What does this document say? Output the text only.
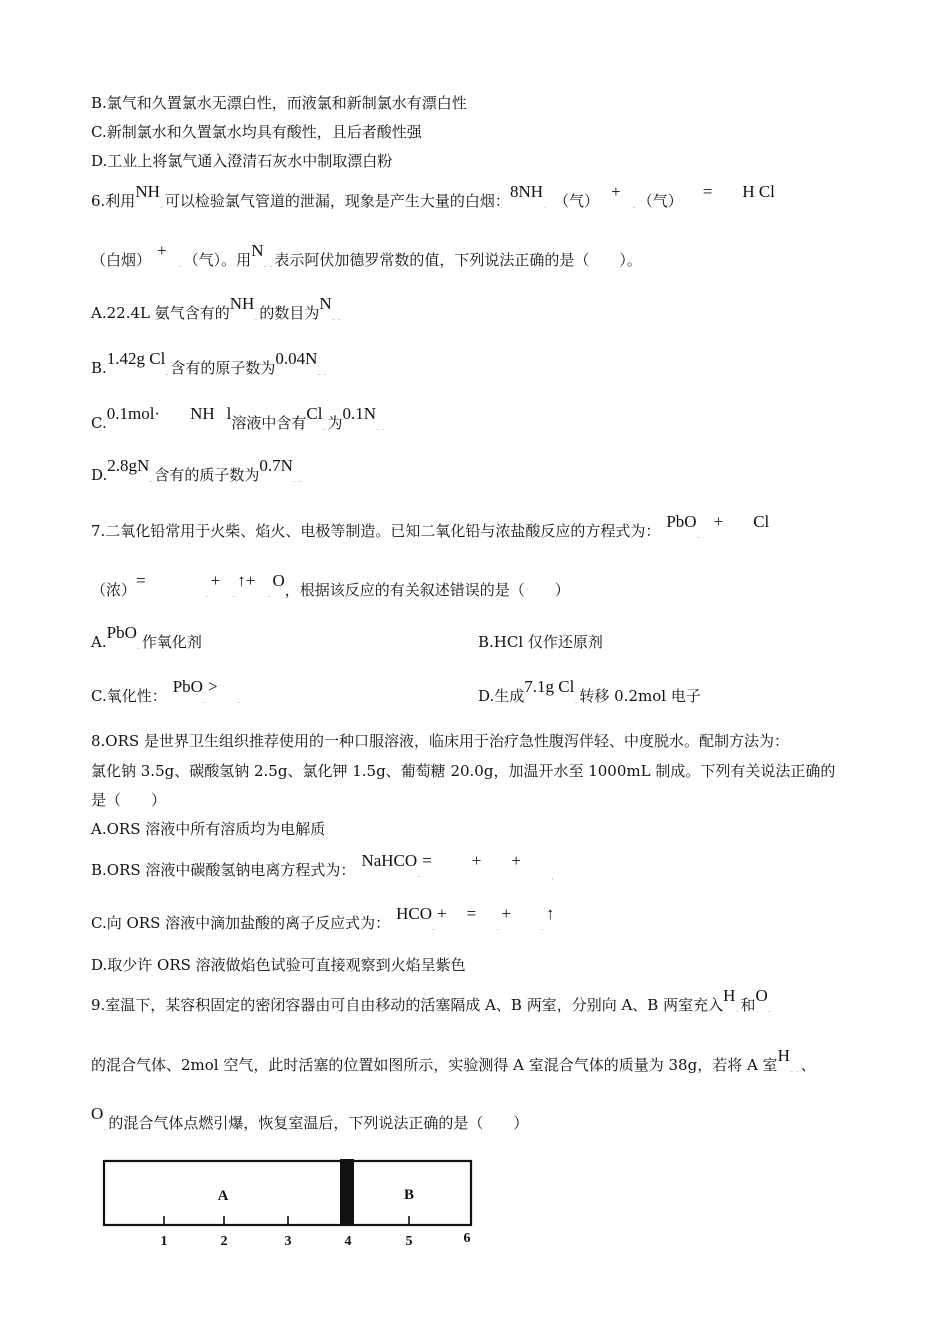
B.氯气和久置氯水无漂白性，而液氯和新制氯水有漂白性
C.新制氯水和久置氯水均具有酸性，且后者酸性强
D.工业上将氯气通入澄清石灰水中制取漂白粉
6.利用$NH_-$ 可以检验氯气管道的泄漏，现象是产生大量的白烟：$8NH_-$ （气） $+_-$ （气） = H Cl
（白烟） $+_-$ （气）。用$N_{- -}$ 表示阿伏加德罗常数的值，下列说法正确的是（　　）。
A.22.4L 氨气含有的$NH_-$ 的数目为$N_{- -}$
B.1.42g $Cl_-$ 含有的原子数为$0.04N_{- -}$
C.0.1mol· NH l溶液中含有$Cl_-$ 为$0.1N_{- -}$
$D.2.8gN_-$ 含有的质子数为$0.7N_{- -}$
7.二氧化铅常用于火柴、焰火、电极等制造。已知二氧化铅与浓盐酸反应的方程式为： PbO$_-$+ Cl
（浓）$=_-+_-↑+_-O$，根据该反应的有关叙述错误的是（　　）
A.PbO$_-$ 作氧化剂	B.HCl 仅作还原剂
C.氧化性： $PbO_->_-$	D.生成7.1g $Cl_-$ 转移 0.2mol 电子
8.ORS 是世界卫生组织推荐使用的一种口服溶液，临床用于治疗急性腹泻伴轻、中度脱水。配制方法为：
氯化钠 3.5g、碳酸氢钠 2.5g、氯化钾 1.5g、葡萄糖 20.0g，加温开水至 1000mL 制成。下列有关说法正确的
是（　　）
A.ORS 溶液中所有溶质均为电解质
B.ORS 溶液中碳酸氢钠电离方程式为： NaHCO$_-$= + $+_,$
C.向 ORS 溶液中滴加盐酸的离子反应式为： $HCO_-+$ $=_-+_-↑$
D.取少许 ORS 溶液做焰色试验可直接观察到火焰呈紫色
9.室温下，某容积固定的密闭容器由可自由移动的活塞隔成 A、B 两室，分别向 A、B 两室充入$H_-$ 和$O_-$
的混合气体、2mol 空气，此时活塞的位置如图所示，实验测得 A 室混合气体的质量为 38g，若将 A 室$H_{- -}$ 、
$O_-$ 的混合气体点燃引爆，恢复室温后，下列说法正确的是（　　）
A	B
1	2	3	4	5	6
